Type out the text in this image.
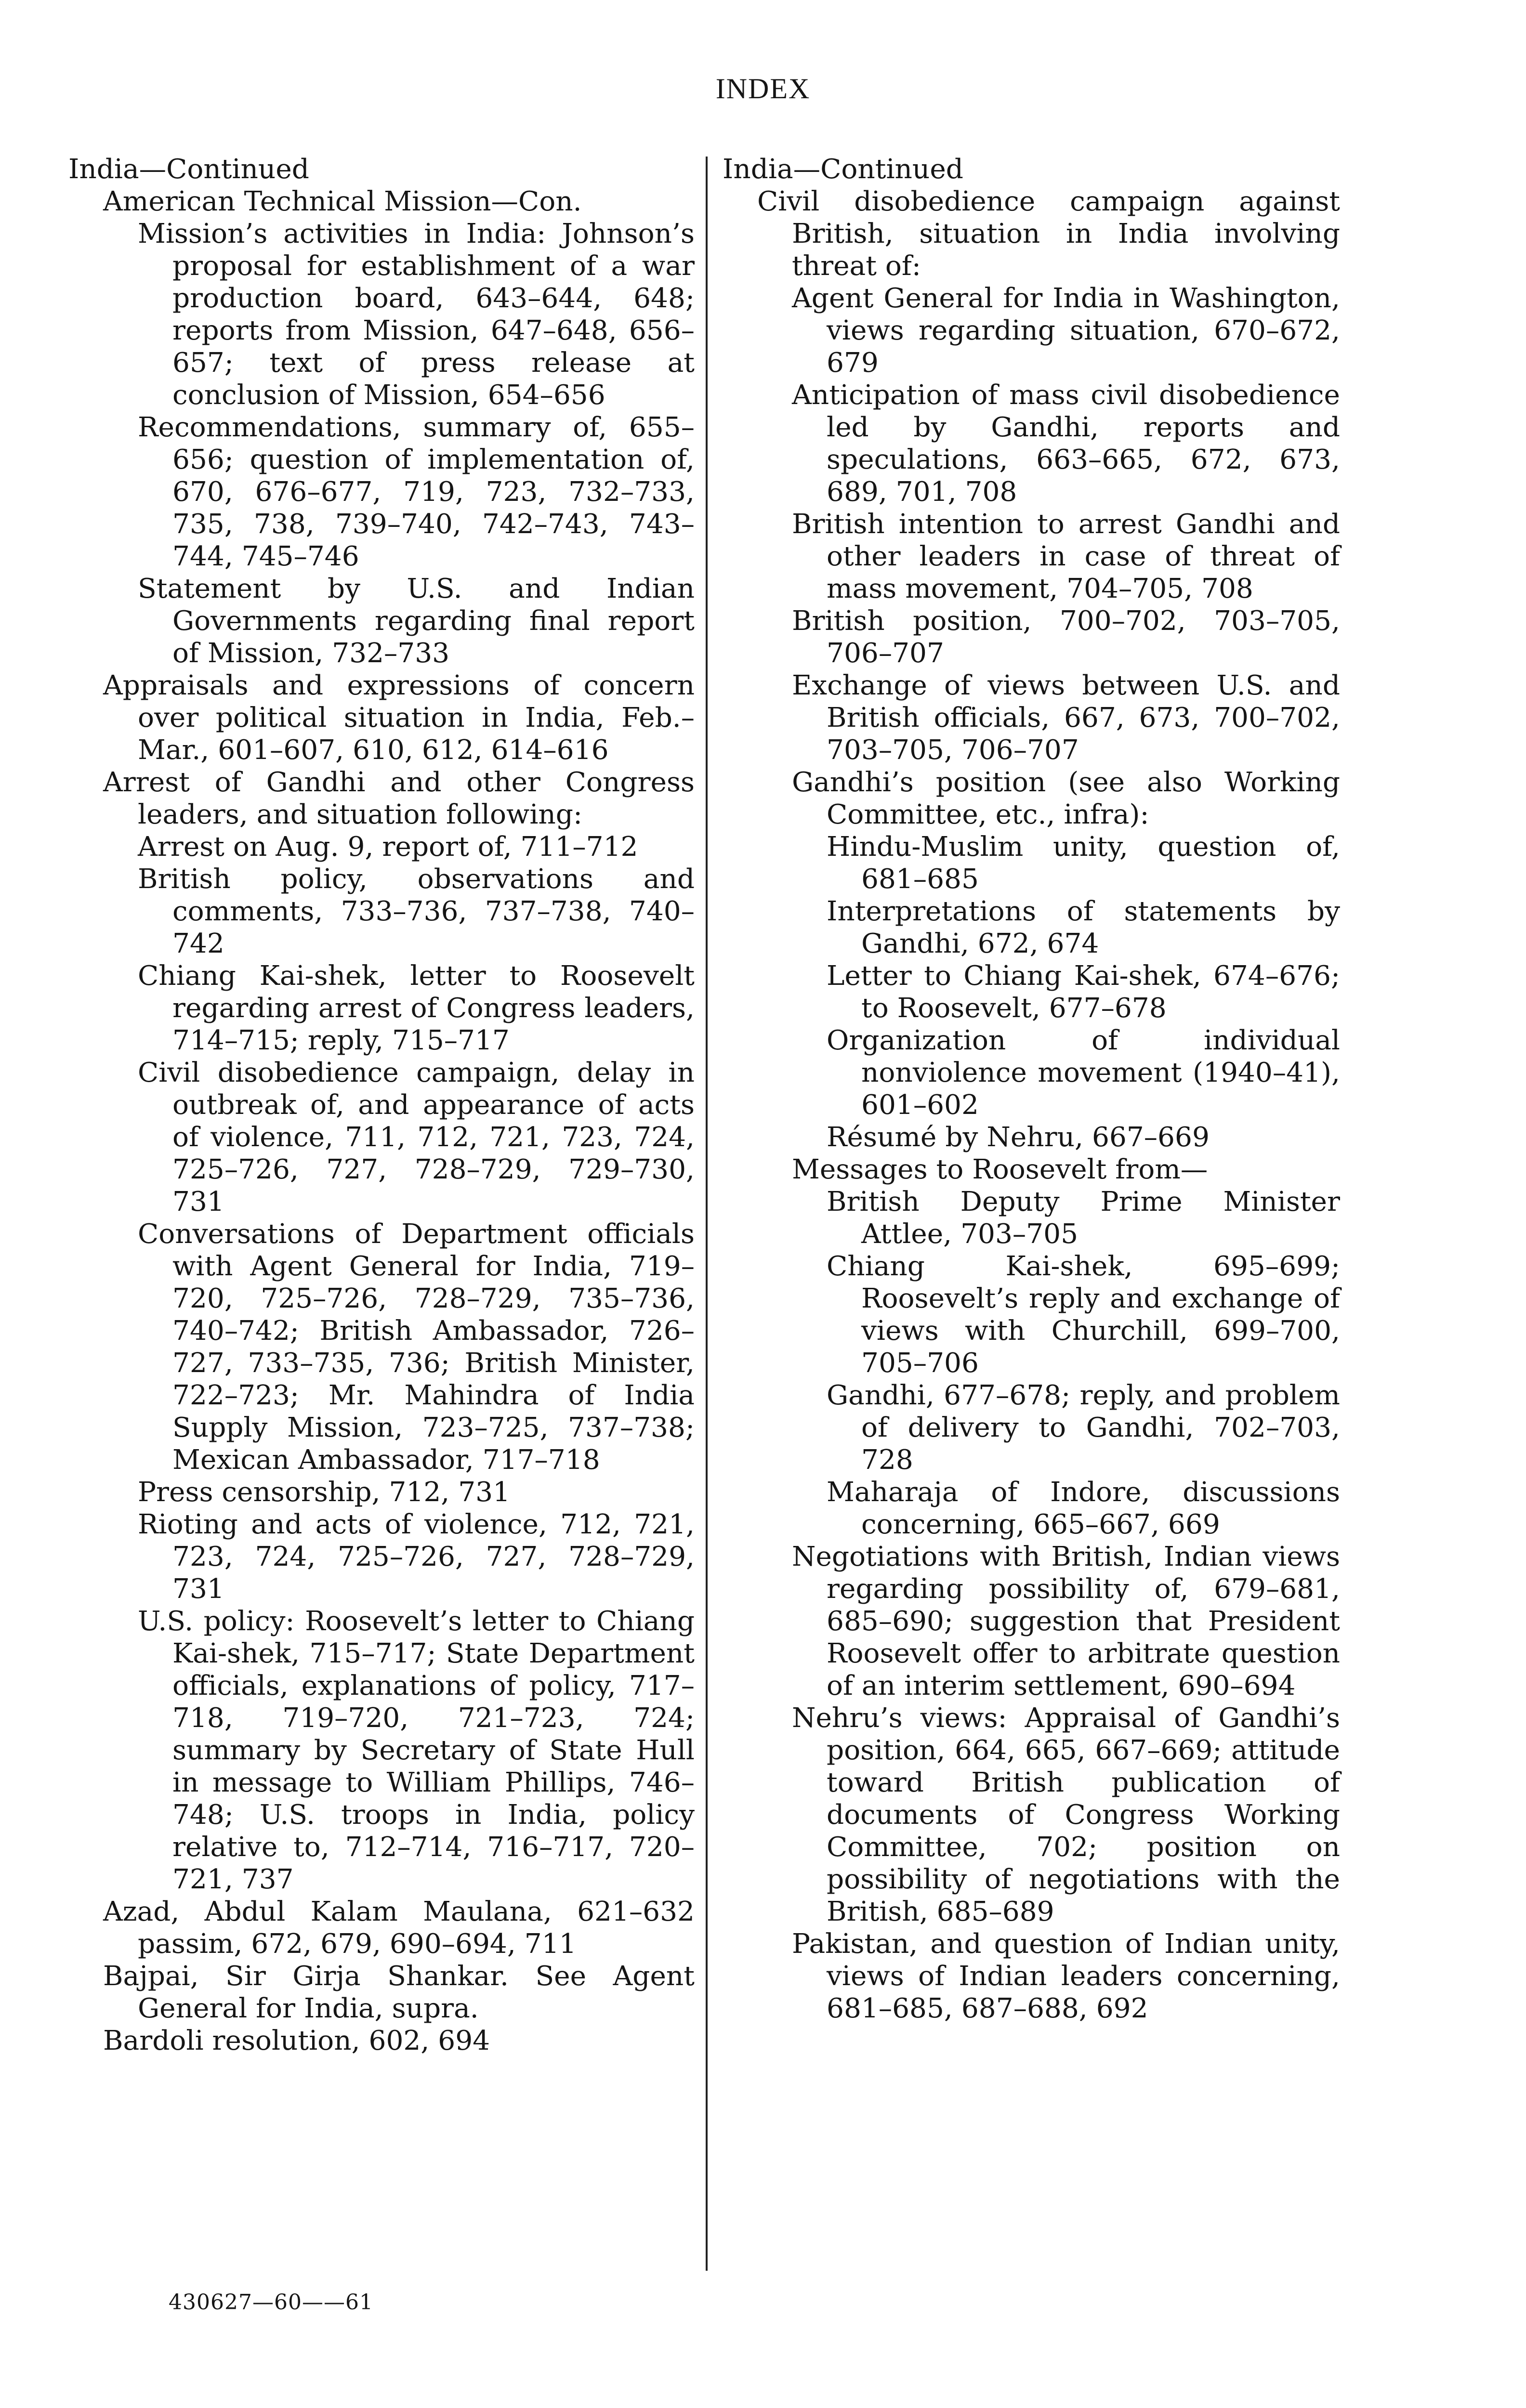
INDEX
India—Continued
American Technical Mission—Con.
Mission’s activities in India: Johnson’s proposal for establishment of a war production board, 643–644, 648; reports from Mission, 647–648, 656–657; text of press release at conclusion of Mission, 654–656
Recommendations, summary of, 655–656; question of implementation of, 670, 676–677, 719, 723, 732–733, 735, 738, 739–740, 742–743, 743–744, 745–746
Statement by U.S. and Indian Governments regarding final report of Mission, 732–733
Appraisals and expressions of concern over political situation in India, Feb.–Mar., 601–607, 610, 612, 614–616
Arrest of Gandhi and other Congress leaders, and situation following:
Arrest on Aug. 9, report of, 711–712
British policy, observations and comments, 733–736, 737–738, 740–742
Chiang Kai-shek, letter to Roosevelt regarding arrest of Congress leaders, 714–715; reply, 715–717
Civil disobedience campaign, delay in outbreak of, and appearance of acts of violence, 711, 712, 721, 723, 724, 725–726, 727, 728–729, 729–730, 731
Conversations of Department officials with Agent General for India, 719–720, 725–726, 728–729, 735–736, 740–742; British Ambassador, 726–727, 733–735, 736; British Minister, 722–723; Mr. Mahindra of India Supply Mission, 723–725, 737–738; Mexican Ambassador, 717–718
Press censorship, 712, 731
Rioting and acts of violence, 712, 721, 723, 724, 725–726, 727, 728–729, 731
U.S. policy: Roosevelt’s letter to Chiang Kai-shek, 715–717; State Department officials, explanations of policy, 717–718, 719–720, 721–723, 724; summary by Secretary of State Hull in message to William Phillips, 746–748; U.S. troops in India, policy relative to, 712–714, 716–717, 720–721, 737
Azad, Abdul Kalam Maulana, 621–632 passim, 672, 679, 690–694, 711
Bajpai, Sir Girja Shankar. See Agent General for India, supra.
Bardoli resolution, 602, 694
India—Continued
Civil disobedience campaign against British, situation in India involving threat of:
Agent General for India in Washington, views regarding situation, 670–672, 679
Anticipation of mass civil disobedience led by Gandhi, reports and speculations, 663–665, 672, 673, 689, 701, 708
British intention to arrest Gandhi and other leaders in case of threat of mass movement, 704–705, 708
British position, 700–702, 703–705, 706–707
Exchange of views between U.S. and British officials, 667, 673, 700–702, 703–705, 706–707
Gandhi’s position (see also Working Committee, etc., infra):
Hindu-Muslim unity, question of, 681–685
Interpretations of statements by Gandhi, 672, 674
Letter to Chiang Kai-shek, 674–676; to Roosevelt, 677–678
Organization of individual nonviolence movement (1940–41), 601–602
Résumé by Nehru, 667–669
Messages to Roosevelt from—
British Deputy Prime Minister Attlee, 703–705
Chiang Kai-shek, 695–699; Roosevelt’s reply and exchange of views with Churchill, 699–700, 705–706
Gandhi, 677–678; reply, and problem of delivery to Gandhi, 702–703, 728
Maharaja of Indore, discussions concerning, 665–667, 669
Negotiations with British, Indian views regarding possibility of, 679–681, 685–690; suggestion that President Roosevelt offer to arbitrate question of an interim settlement, 690–694
Nehru’s views: Appraisal of Gandhi’s position, 664, 665, 667–669; attitude toward British publication of documents of Congress Working Committee, 702; position on possibility of negotiations with the British, 685–689
Pakistan, and question of Indian unity, views of Indian leaders concerning, 681–685, 687–688, 692
430627—60——61
